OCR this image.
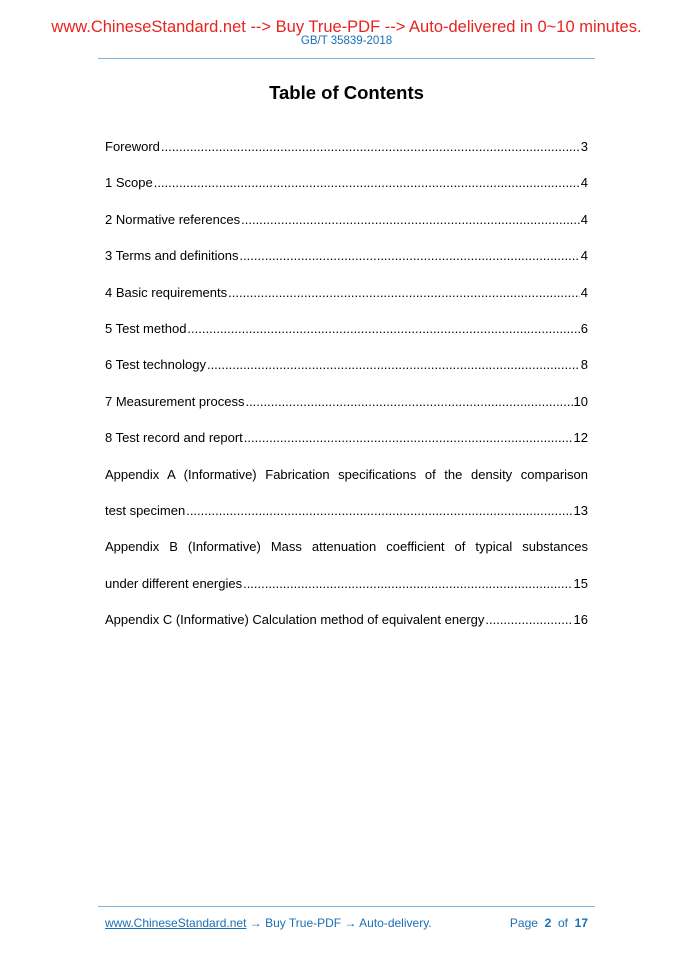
www.ChineseStandard.net --> Buy True-PDF --> Auto-delivered in 0~10 minutes.
GB/T 35839-2018
Table of Contents
Foreword .....	3
1 Scope .....	4
2 Normative references .....	4
3 Terms and definitions .....	4
4 Basic requirements .....	4
5 Test method .....	6
6 Test technology .....	8
7 Measurement process .....	10
8 Test record and report .....	12
Appendix A (Informative) Fabrication specifications of the density comparison
test specimen .....	13
Appendix B (Informative) Mass attenuation coefficient of typical substances
under different energies .....	15
Appendix C (Informative) Calculation method of equivalent energy .....	16
www.ChineseStandard.net → Buy True-PDF → Auto-delivery.	Page 2 of 17
